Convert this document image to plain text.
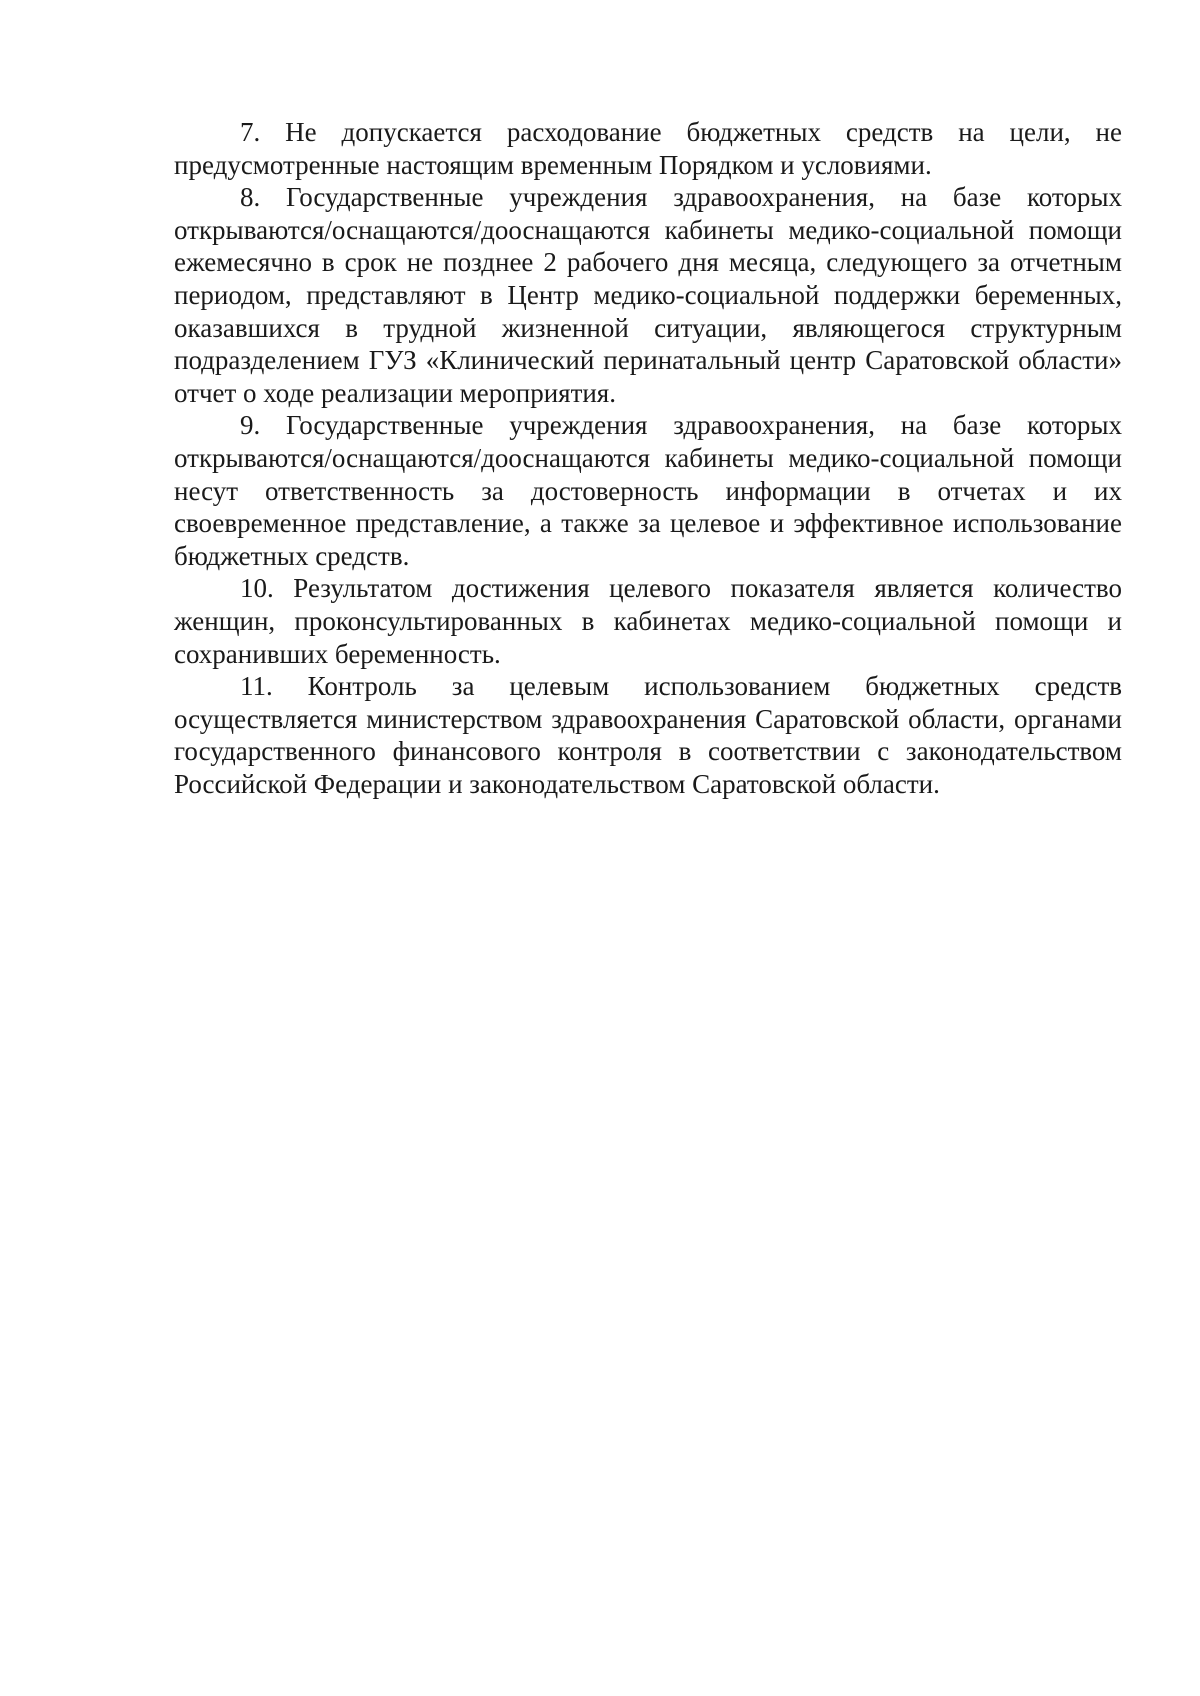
7. Не допускается расходование бюджетных средств на цели, не предусмотренные настоящим временным Порядком и условиями.

8. Государственные учреждения здравоохранения, на базе которых открываются/оснащаются/дооснащаются кабинеты медико-социальной помощи ежемесячно в срок не позднее 2 рабочего дня месяца, следующего за отчетным периодом, представляют в Центр медико-социальной поддержки беременных, оказавшихся в трудной жизненной ситуации, являющегося структурным подразделением ГУЗ «Клинический перинатальный центр Саратовской области» отчет о ходе реализации мероприятия.

9. Государственные учреждения здравоохранения, на базе которых открываются/оснащаются/дооснащаются кабинеты медико-социальной помощи несут ответственность за достоверность информации в отчетах и их своевременное представление, а также за целевое и эффективное использование бюджетных средств.

10. Результатом достижения целевого показателя является количество женщин, проконсультированных в кабинетах медико-социальной помощи и сохранивших беременность.

11. Контроль за целевым использованием бюджетных средств осуществляется министерством здравоохранения Саратовской области, органами государственного финансового контроля в соответствии с законодательством Российской Федерации и законодательством Саратовской области.
